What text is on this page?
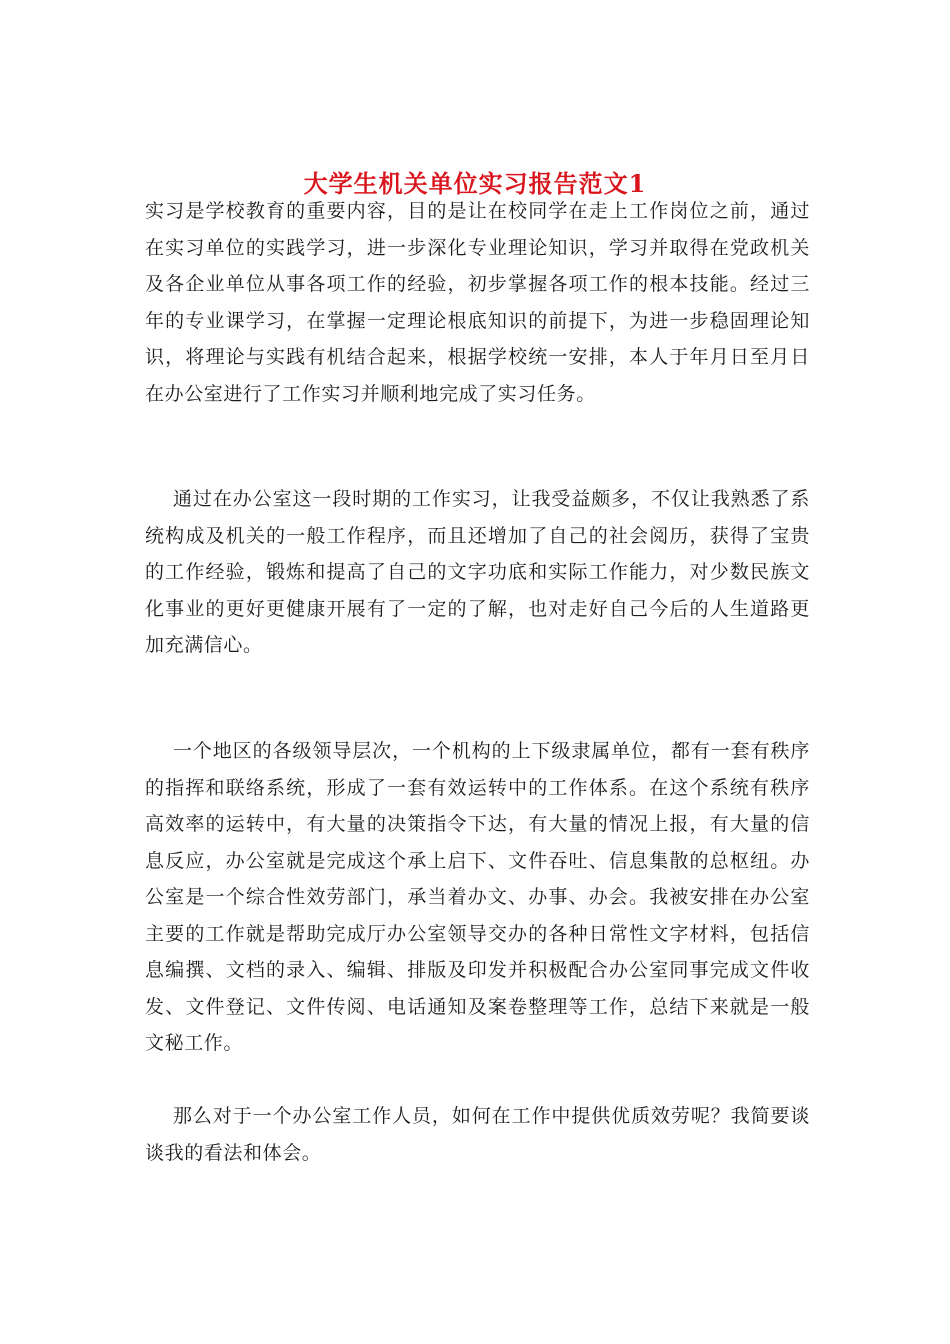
大学生机关单位实习报告范文1

实习是学校教育的重要内容，目的是让在校同学在走上工作岗位之前，通过在实习单位的实践学习，进一步深化专业理论知识，学习并取得在党政机关及各企业单位从事各项工作的经验，初步掌握各项工作的根本技能。经过三年的专业课学习，在掌握一定理论根底知识的前提下，为进一步稳固理论知识，将理论与实践有机结合起来，根据学校统一安排，本人于年月日至月日在办公室进行了工作实习并顺利地完成了实习任务。

通过在办公室这一段时期的工作实习，让我受益颇多，不仅让我熟悉了系统构成及机关的一般工作程序，而且还增加了自己的社会阅历，获得了宝贵的工作经验，锻炼和提高了自己的文字功底和实际工作能力，对少数民族文化事业的更好更健康开展有了一定的了解，也对走好自己今后的人生道路更加充满信心。

一个地区的各级领导层次，一个机构的上下级隶属单位，都有一套有秩序的指挥和联络系统，形成了一套有效运转中的工作体系。在这个系统有秩序高效率的运转中，有大量的决策指令下达，有大量的情况上报，有大量的信息反应，办公室就是完成这个承上启下、文件吞吐、信息集散的总枢纽。办公室是一个综合性效劳部门，承当着办文、办事、办会。我被安排在办公室主要的工作就是帮助完成厅办公室领导交办的各种日常性文字材料，包括信息编撰、文档的录入、编辑、排版及印发并积极配合办公室同事完成文件收发、文件登记、文件传阅、电话通知及案卷整理等工作，总结下来就是一般文秘工作。

那么对于一个办公室工作人员，如何在工作中提供优质效劳呢？我简要谈谈我的看法和体会。
